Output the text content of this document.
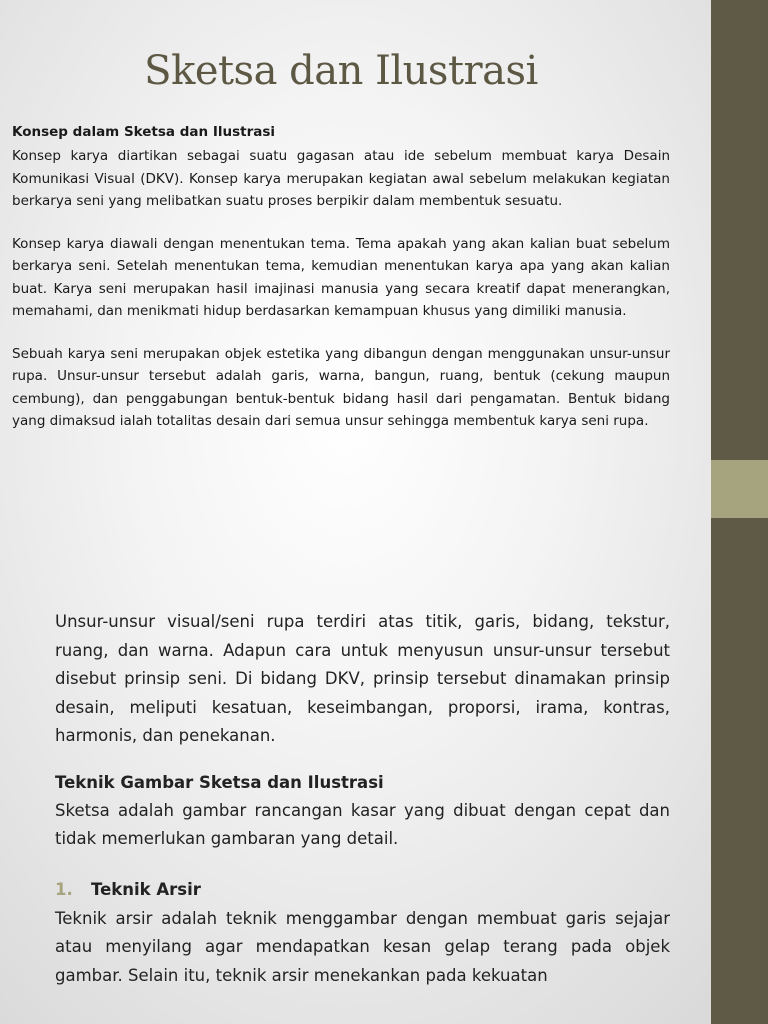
Sketsa dan Ilustrasi
Konsep dalam Sketsa dan Ilustrasi

Konsep karya diartikan sebagai suatu gagasan atau ide sebelum membuat karya Desain Komunikasi Visual (DKV). Konsep karya merupakan kegiatan awal sebelum melakukan kegiatan berkarya seni yang melibatkan suatu proses berpikir dalam membentuk sesuatu.

Konsep karya diawali dengan menentukan tema. Tema apakah yang akan kalian buat sebelum berkarya seni. Setelah menentukan tema, kemudian menentukan karya apa yang akan kalian buat. Karya seni merupakan hasil imajinasi manusia yang secara kreatif dapat menerangkan, memahami, dan menikmati hidup berdasarkan kemampuan khusus yang dimiliki manusia.

Sebuah karya seni merupakan objek estetika yang dibangun dengan menggunakan unsur-unsur rupa. Unsur-unsur tersebut adalah garis, warna, bangun, ruang, bentuk (cekung maupun cembung), dan penggabungan bentuk-bentuk bidang hasil dari pengamatan. Bentuk bidang yang dimaksud ialah totalitas desain dari semua unsur sehingga membentuk karya seni rupa.

Unsur-unsur visual/seni rupa terdiri atas titik, garis, bidang, tekstur, ruang, dan warna. Adapun cara untuk menyusun unsur-unsur tersebut disebut prinsip seni. Di bidang DKV, prinsip tersebut dinamakan prinsip desain, meliputi kesatuan, keseimbangan, proporsi, irama, kontras, harmonis, dan penekanan.

Teknik Gambar Sketsa dan Ilustrasi

Sketsa adalah gambar rancangan kasar yang dibuat dengan cepat dan tidak memerlukan gambaran yang detail.

1. Teknik Arsir

Teknik arsir adalah teknik menggambar dengan membuat garis sejajar atau menyilang agar mendapatkan kesan gelap terang pada objek gambar. Selain itu, teknik arsir menekankan pada kekuatan
